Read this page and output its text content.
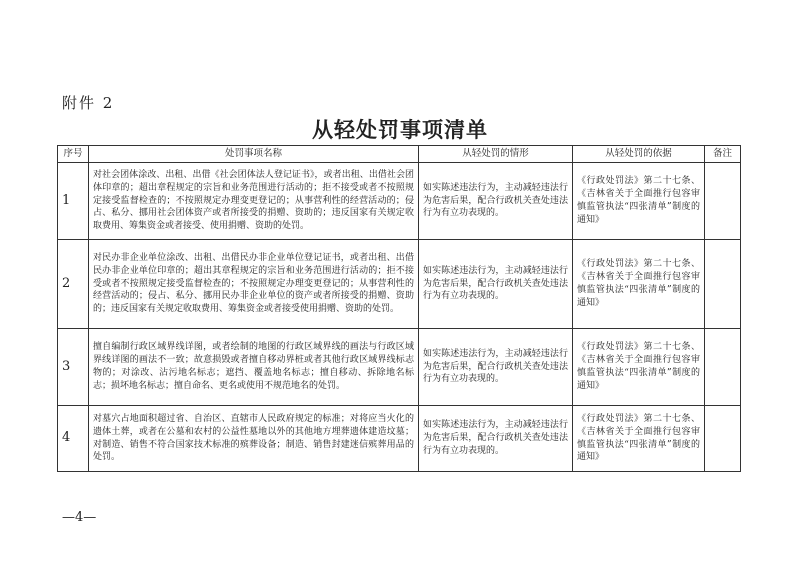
附件 2
从轻处罚事项清单
序号	处罚事项名称	从轻处罚的情形	从轻处罚的依据	备注
1	对社会团体涂改、出租、出借《社会团体法人登记证书》，或者出租、出借社会团体印章的；超出章程规定的宗旨和业务范围进行活动的；拒不接受或者不按照规定接受监督检查的；不按照规定办理变更登记的；从事营利性的经营活动的；侵占、私分、挪用社会团体资产或者所接受的捐赠、资助的；违反国家有关规定收取费用、筹集资金或者接受、使用捐赠、资助的处罚。	如实陈述违法行为，主动减轻违法行为危害后果，配合行政机关查处违法行为有立功表现的。	《行政处罚法》第二十七条、《吉林省关于全面推行包容审慎监管执法“四张清单”制度的通知》	
2	对民办非企业单位涂改、出租、出借民办非企业单位登记证书，或者出租、出借民办非企业单位印章的；超出其章程规定的宗旨和业务范围进行活动的；拒不接受或者不按照规定接受监督检查的；不按照规定办理变更登记的；从事营利性的经营活动的；侵占、私分、挪用民办非企业单位的资产或者所接受的捐赠、资助的；违反国家有关规定收取费用、筹集资金或者接受使用捐赠、资助的处罚。	如实陈述违法行为，主动减轻违法行为危害后果，配合行政机关查处违法行为有立功表现的。	《行政处罚法》第二十七条、《吉林省关于全面推行包容审慎监管执法“四张清单”制度的通知》	
3	擅自编制行政区域界线详图，或者绘制的地图的行政区域界线的画法与行政区域界线详图的画法不一致；故意损毁或者擅自移动界桩或者其他行政区域界线标志物的；对涂改、沾污地名标志；遮挡、覆盖地名标志；擅自移动、拆除地名标志；损坏地名标志；擅自命名、更名或使用不规范地名的处罚。	如实陈述违法行为，主动减轻违法行为危害后果，配合行政机关查处违法行为有立功表现的。	《行政处罚法》第二十七条、《吉林省关于全面推行包容审慎监管执法“四张清单”制度的通知》	
4	对墓穴占地面积超过省、自治区、直辖市人民政府规定的标准；对将应当火化的遗体土葬，或者在公墓和农村的公益性墓地以外的其他地方埋葬遗体建造坟墓；对制造、销售不符合国家技术标准的殡葬设备；制造、销售封建迷信殡葬用品的处罚。	如实陈述违法行为，主动减轻违法行为危害后果，配合行政机关查处违法行为有立功表现的。	《行政处罚法》第二十七条、《吉林省关于全面推行包容审慎监管执法“四张清单”制度的通知》	
—4—
